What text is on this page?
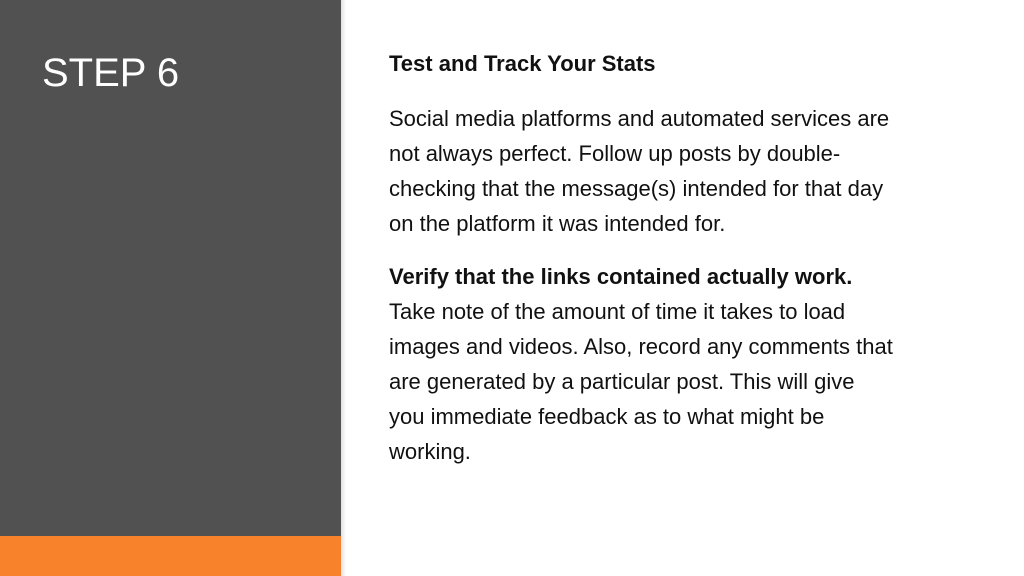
STEP 6	Test and Track Your Stats

Social media platforms and automated services are
not always perfect. Follow up posts by double-
checking that the message(s) intended for that day
on the platform it was intended for.

Verify that the links contained actually work.

Take note of the amount of time it takes to load
images and videos. Also, record any comments that
are generated by a particular post. This will give
you immediate feedback as to what might be
working.
